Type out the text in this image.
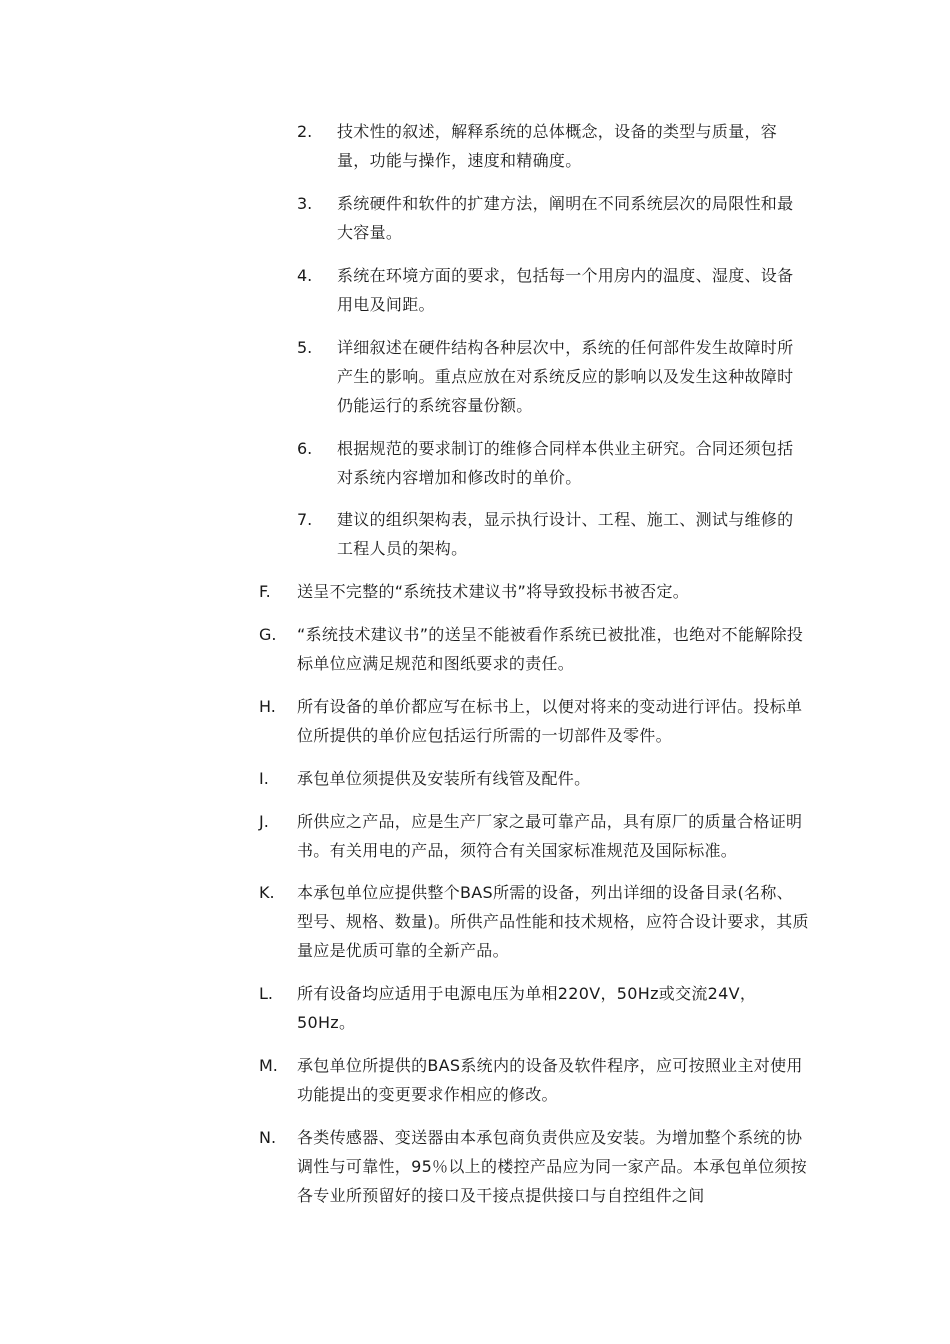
2.	技术性的叙述，解释系统的总体概念，设备的类型与质量，容量，功能与操作，速度和精确度。
3.	系统硬件和软件的扩建方法，阐明在不同系统层次的局限性和最大容量。
4.	系统在环境方面的要求，包括每一个用房内的温度、湿度、设备用电及间距。
5.	详细叙述在硬件结构各种层次中，系统的任何部件发生故障时所产生的影响。重点应放在对系统反应的影响以及发生这种故障时仍能运行的系统容量份额。
6.	根据规范的要求制订的维修合同样本供业主研究。合同还须包括对系统内容增加和修改时的单价。
7.	建议的组织架构表，显示执行设计、工程、施工、测试与维修的工程人员的架构。
F.	送呈不完整的“系统技术建议书”将导致投标书被否定。
G.	“系统技术建议书”的送呈不能被看作系统已被批准，也绝对不能解除投标单位应满足规范和图纸要求的责任。
H.	所有设备的单价都应写在标书上，以便对将来的变动进行评估。投标单位所提供的单价应包括运行所需的一切部件及零件。
I.	承包单位须提供及安装所有线管及配件。
J.	所供应之产品，应是生产厂家之最可靠产品，具有原厂的质量合格证明书。有关用电的产品，须符合有关国家标准规范及国际标准。
K.	本承包单位应提供整个BAS所需的设备，列出详细的设备目录(名称、型号、规格、数量)。所供产品性能和技术规格，应符合设计要求，其质量应是优质可靠的全新产品。
L.	所有设备均应适用于电源电压为单相220V，50Hz或交流24V，50Hz。
M.	承包单位所提供的BAS系统内的设备及软件程序，应可按照业主对使用功能提出的变更要求作相应的修改。
N.	各类传感器、变送器由本承包商负责供应及安装。为增加整个系统的协调性与可靠性，95％以上的楼控产品应为同一家产品。本承包单位须按各专业所预留好的接口及干接点提供接口与自控组件之间
